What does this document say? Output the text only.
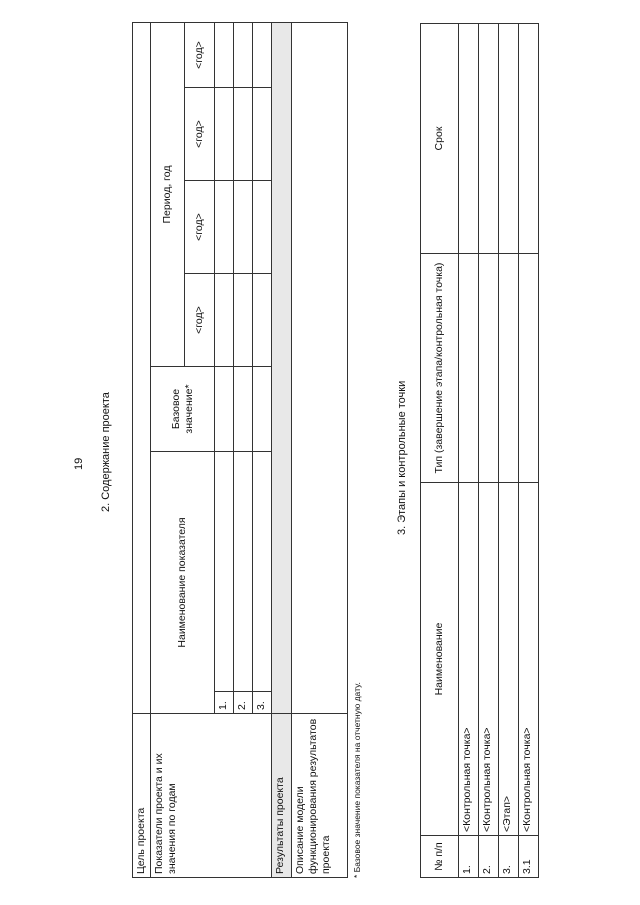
19 2. Содержание проекта
Цель проекта							
Показатели проекта и их значения по годам	Наименование показателя		Базовое значение*	Период, год			
				<год>	<год>	<год>	<год>
	1.						
	2.						
	3.						
Результаты проекта							
Описание модели функционирования результатов проекта							* Базовое значение показателя на отчетную дату.
3. Этапы и контрольные точки
№ п/п	Наименование	Тип (завершение этапа/контрольная точка)	Срок
1.	<Контрольная точка>		
2.	<Контрольная точка>		
3.	<Этап>		
3.1	<Контрольная точка>		
